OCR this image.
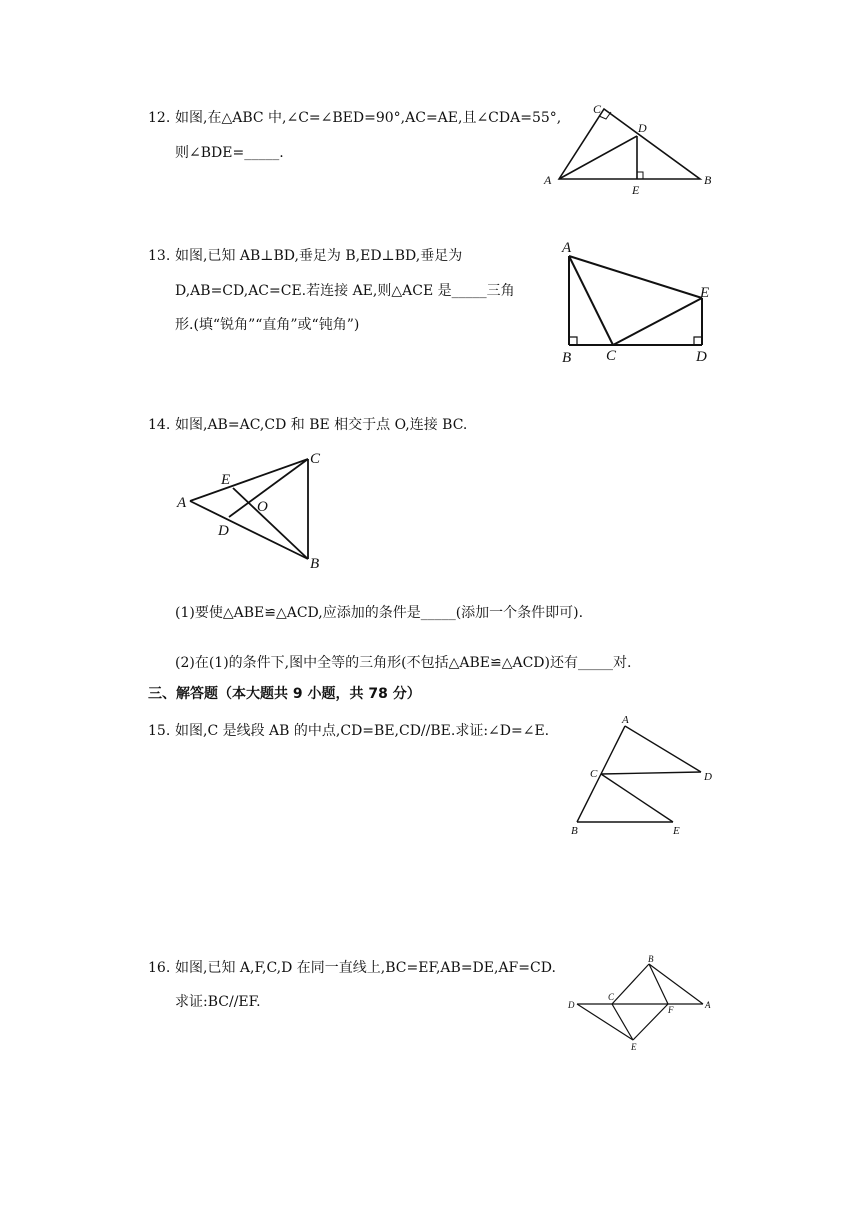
12. 如图,在△ABC 中,∠C=∠BED=90°,AC=AE,且∠CDA=55°,
则∠BDE=_____.
C
D
A
E
B
13. 如图,已知 AB⊥BD,垂足为 B,ED⊥BD,垂足为
D,AB=CD,AC=CE.若连接 AE,则△ACE 是_____三角
形.(填“锐角”“直角”或“钝角”)
A
E
B C	D
14. 如图,AB=AC,CD 和 BE 相交于点 O,连接 BC.
C
E
A	O
D
B
(1)要使△ABE≌△ACD,应添加的条件是_____(添加一个条件即可).
(2)在(1)的条件下,图中全等的三角形(不包括△ABE≌△ACD)还有_____对.
三、解答题（本大题共 9 小题，共 78 分）
15. 如图,C 是线段 AB 的中点,CD=BE,CD//BE.求证:∠D=∠E.
A
C	D
B	E
16. 如图,已知 A,F,C,D 在同一直线上,BC=EF,AB=DE,AF=CD.
求证:BC//EF.
B
D
C
F	A
E
